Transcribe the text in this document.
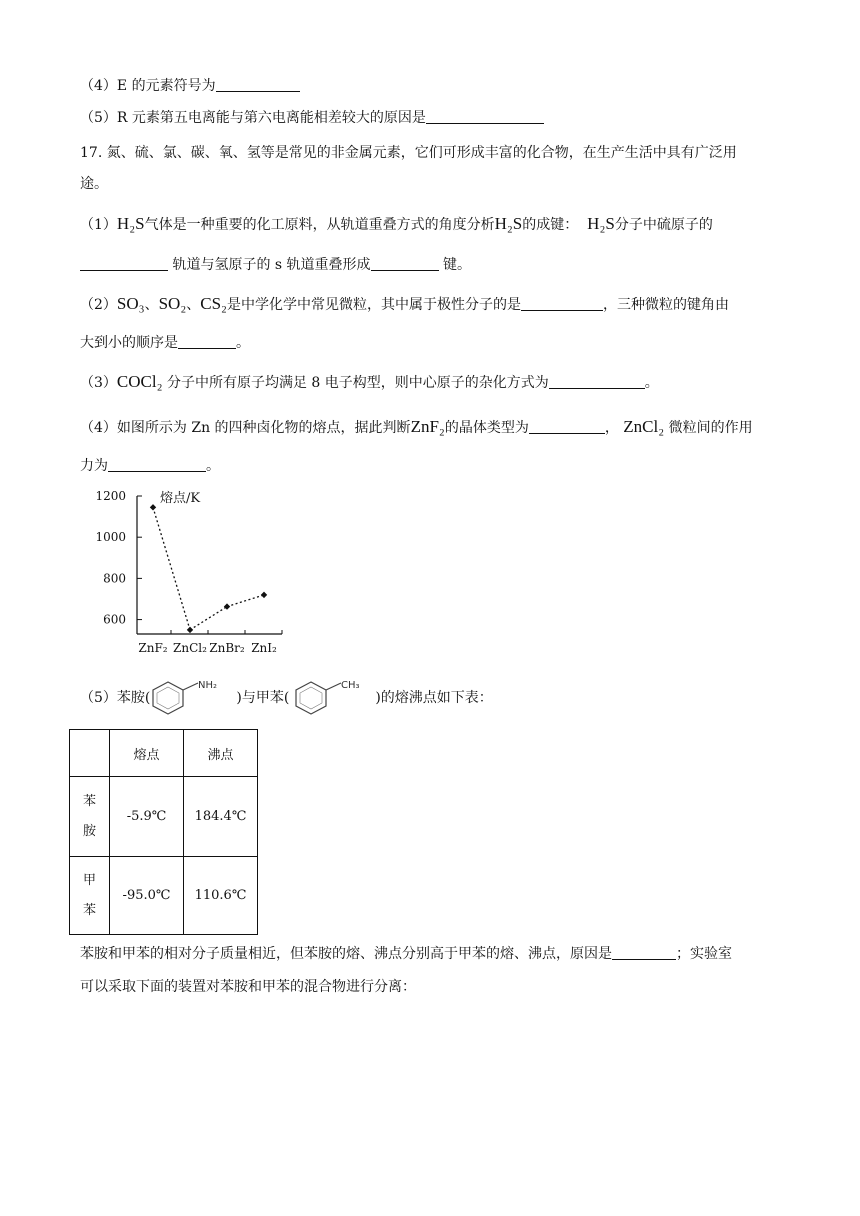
（4）E 的元素符号为
（5）R 元素第五电离能与第六电离能相差较大的原因是
17. 氮、硫、氯、碳、氧、氢等是常见的非金属元素，它们可形成丰富的化合物，在生产生活中具有广泛用
途。
（1）H₂S气体是一种重要的化工原料，从轨道重叠方式的角度分析H₂S的成键： H₂S分子中硫原子的
轨道与氢原子的 s 轨道重叠形成	键。
（2）SO₃、SO₂、CS₂是中学化学中常见微粒，其中属于极性分子的是	，三种微粒的键角由
大到小的顺序是	。
（3）COCl₂ 分子中所有原子均满足 8 电子构型，则中心原子的杂化方式为	。
（4）如图所示为 Zn 的四种卤化物的熔点，据此判断ZnF₂的晶体类型为	， ZnCl₂ 微粒间的作用
力为	。
600
800
1000
1200
ZnF₂ ZnCl₂ ZnBr₂ ZnI₂
熔点/K
（5）苯胺(
NH₂
)与甲苯(
CH₃
)的熔沸点如下表：
	熔点	沸点
苯
胺	-5.9℃	184.4℃
甲
苯	-95.0℃	110.6℃
苯胺和甲苯的相对分子质量相近，但苯胺的熔、沸点分别高于甲苯的熔、沸点，原因是	；实验室
可以采取下面的装置对苯胺和甲苯的混合物进行分离：
